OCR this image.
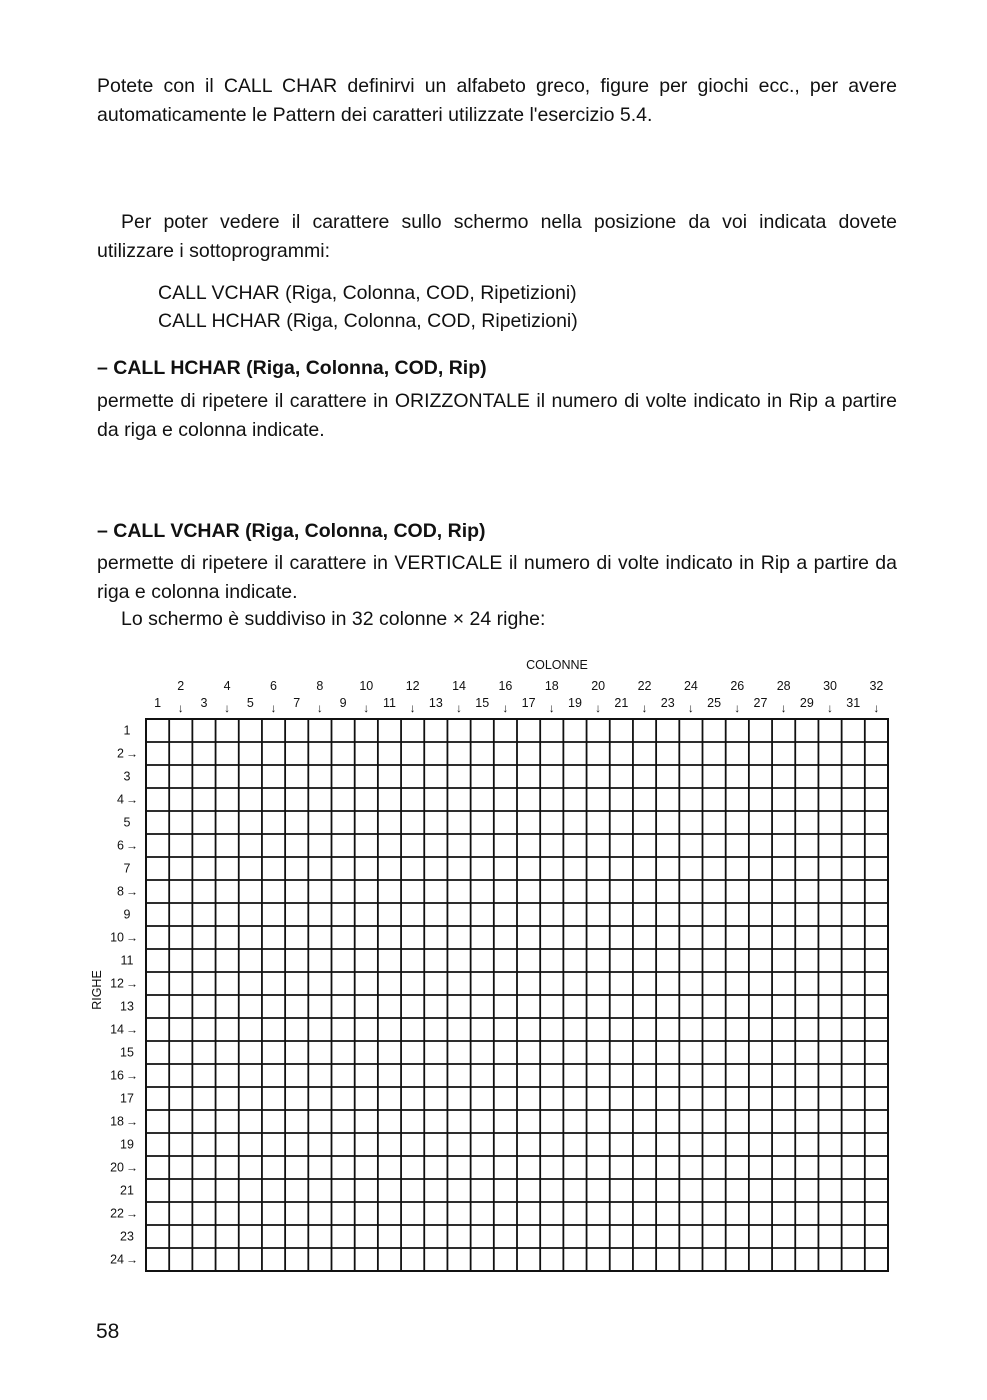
Potete con il CALL CHAR definirvi un alfabeto greco, figure per giochi ecc., per avere automaticamente le Pattern dei caratteri utilizzate l'esercizio 5.4.

Per poter vedere il carattere sullo schermo nella posizione da voi indicata dovete utilizzare i sottoprogrammi:

CALL VCHAR (Riga, Colonna, COD, Ripetizioni)

CALL HCHAR (Riga, Colonna, COD, Ripetizioni)

– CALL HCHAR (Riga, Colonna, COD, Rip)

permette di ripetere il carattere in ORIZZONTALE il numero di volte indicato in Rip a partire da riga e colonna indicate.

– CALL VCHAR (Riga, Colonna, COD, Rip)

permette di ripetere il carattere in VERTICALE il numero di volte indicato in Rip a partire da riga e colonna indicate.

Lo schermo è suddiviso in 32 colonne × 24 righe:

COLONNE
RIGHE
1
2
↓ 3
4
↓ 5
6
↓ 7
8
↓ 9
10
↓ 11
12
↓ 13
14
↓ 15
16
↓ 17
18
↓ 19
20
↓ 21
22
↓ 23
24
↓ 25
26
↓ 27
28
↓ 29
30
↓ 31
32
↓
1
→
2
3
→
4
5
→
6
7
→
8
9
→
10
11
→
12
13
→
14
15
→
16
17
→
18
19
→
20
21
→
22
23
→
24

58
